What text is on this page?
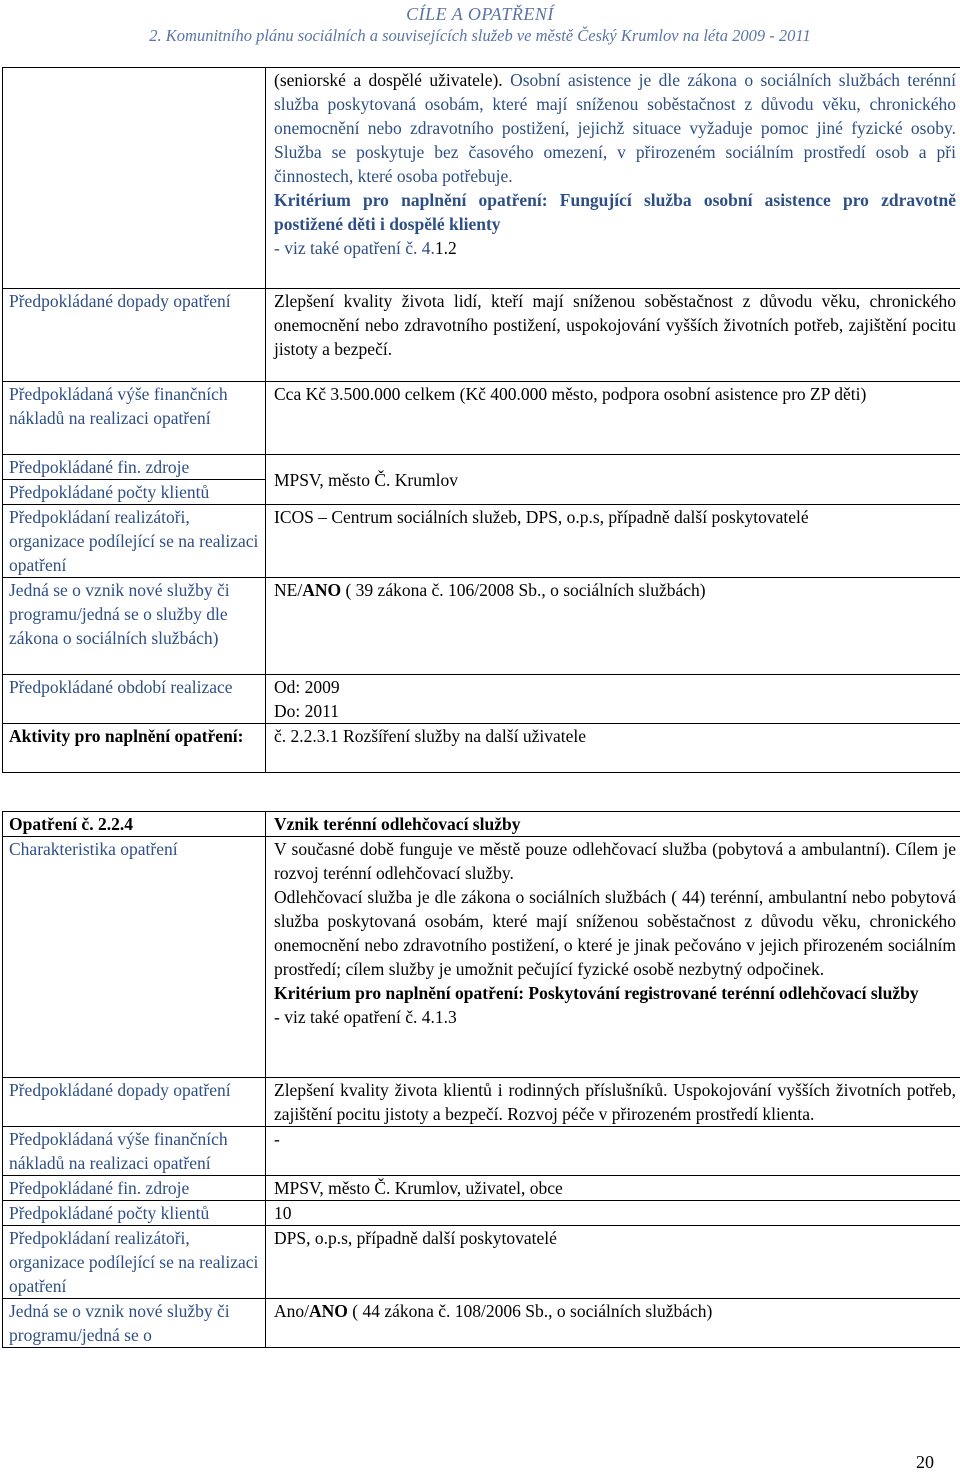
CÍLE A OPATŘENÍ
2. Komunitního plánu sociálních a souvisejících služeb ve městě Český Krumlov na léta 2009 - 2011

	(seniorské a dospělé uživatele). Osobní asistence je dle zákona o sociálních službách terénní služba poskytovaná osobám, které mají sníženou soběstačnost z důvodu věku, chronického onemocnění nebo zdravotního postižení, jejichž situace vyžaduje pomoc jiné fyzické osoby. Služba se poskytuje bez časového omezení, v přirozeném sociálním prostředí osob a při činnostech, které osoba potřebuje.

Kritérium pro naplnění opatření: Fungující služba osobní asistence pro zdravotně postižené děti i dospělé klienty

- viz také opatření č. 4.1.2

Předpokládané dopady opatření	Zlepšení kvality života lidí, kteří mají sníženou soběstačnost z důvodu věku, chronického onemocnění nebo zdravotního postižení, uspokojování vyšších životních potřeb, zajištění pocitu jistoty a bezpečí.
Předpokládaná výše finančních nákladů na realizaci opatření	Cca Kč 3.500.000 celkem (Kč 400.000 město, podpora osobní asistence pro ZP děti)
Předpokládané fin. zdroje	MPSV, město Č. Krumlov
Předpokládané počty klientů	
Předpokládaní realizátoři, organizace podílející se na realizaci opatření	ICOS – Centrum sociálních služeb, DPS, o.p.s, případně další poskytovatelé
Jedná se o vznik nové služby či programu/jedná se o služby dle zákona o sociálních službách)	NE/ANO ( 39 zákona č. 106/2008 Sb., o sociálních službách)
Předpokládané období realizace	Od: 2009

Do: 2011

Aktivity pro naplnění opatření:	č. 2.2.3.1 Rozšíření služby na další uživatele
Opatření č. 2.2.4	Vznik terénní odlehčovací služby
Charakteristika opatření	V současné době funguje ve městě pouze odlehčovací služba (pobytová a ambulantní). Cílem je rozvoj terénní odlehčovací služby.

Odlehčovací služba je dle zákona o sociálních službách ( 44) terénní, ambulantní nebo pobytová služba poskytovaná osobám, které mají sníženou soběstačnost z důvodu věku, chronického onemocnění nebo zdravotního postižení, o které je jinak pečováno v jejich přirozeném sociálním prostředí; cílem služby je umožnit pečující fyzické osobě nezbytný odpočinek.

Kritérium pro naplnění opatření: Poskytování registrované terénní odlehčovací služby

- viz také opatření č. 4.1.3

Předpokládané dopady opatření	Zlepšení kvality života klientů i rodinných příslušníků. Uspokojování vyšších životních potřeb, zajištění pocitu jistoty a bezpečí. Rozvoj péče v přirozeném prostředí klienta.
Předpokládaná výše finančních nákladů na realizaci opatření	-
Předpokládané fin. zdroje	MPSV, město Č. Krumlov, uživatel, obce
Předpokládané počty klientů	10
Předpokládaní realizátoři, organizace podílející se na realizaci opatření	DPS, o.p.s, případně další poskytovatelé
Jedná se o vznik nové služby či programu/jedná se o	Ano/ANO ( 44 zákona č. 108/2006 Sb., o sociálních službách)
20
